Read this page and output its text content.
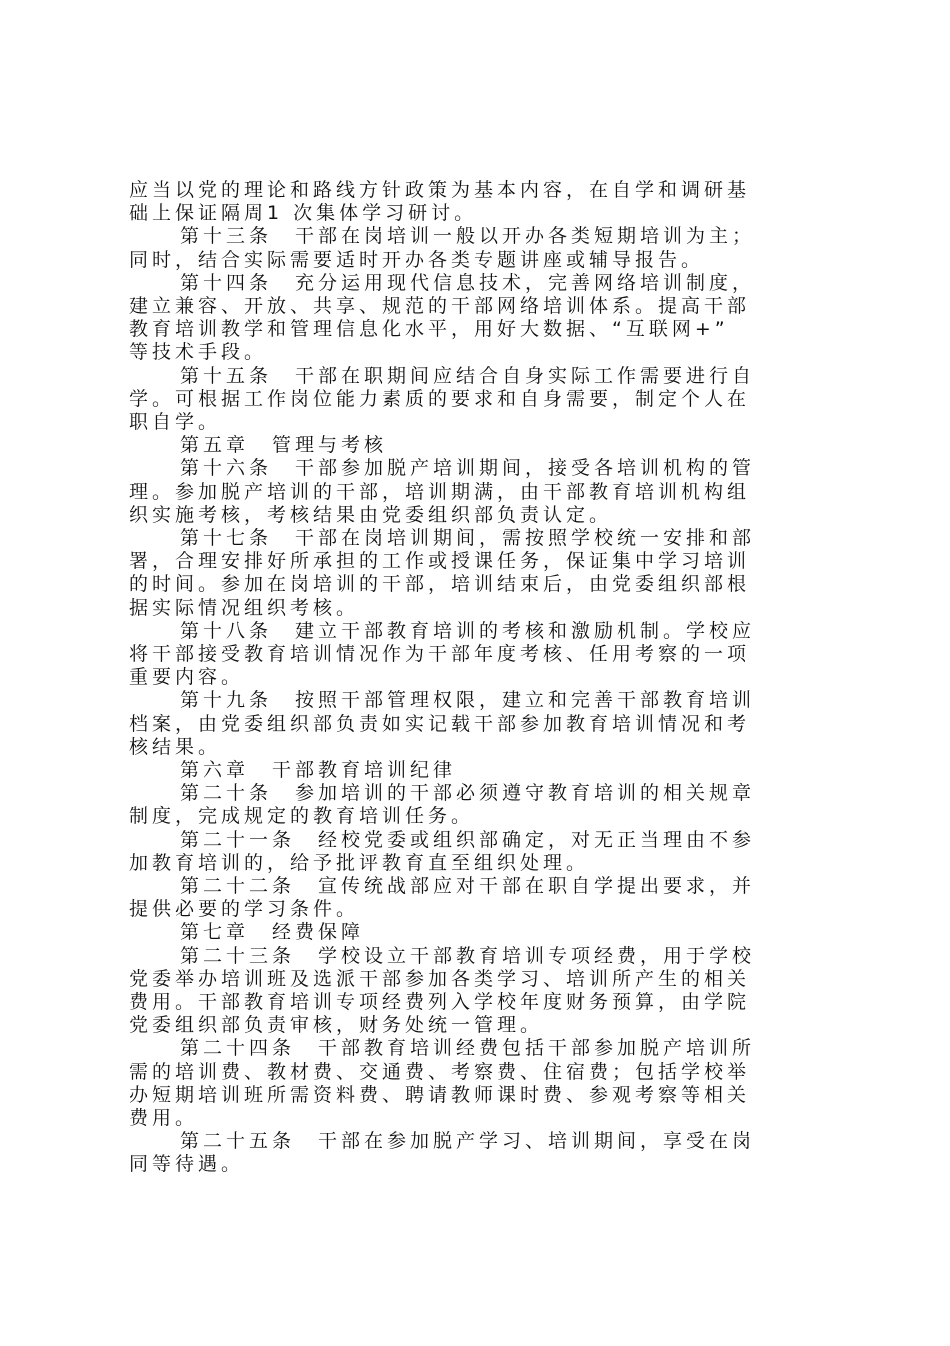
应当以党的理论和路线方针政策为基本内容，在自学和调研基
础上保证隔周1 次集体学习研讨。
第十三条　干部在岗培训一般以开办各类短期培训为主；
同时，结合实际需要适时开办各类专题讲座或辅导报告。
第十四条　充分运用现代信息技术，完善网络培训制度，
建立兼容、开放、共享、规范的干部网络培训体系。提高干部
教育培训教学和管理信息化水平，用好大数据、“互联网+”
等技术手段。
第十五条　干部在职期间应结合自身实际工作需要进行自
学。可根据工作岗位能力素质的要求和自身需要，制定个人在
职自学。
第五章　管理与考核
第十六条　干部参加脱产培训期间，接受各培训机构的管
理。参加脱产培训的干部，培训期满，由干部教育培训机构组
织实施考核，考核结果由党委组织部负责认定。
第十七条　干部在岗培训期间，需按照学校统一安排和部
署，合理安排好所承担的工作或授课任务，保证集中学习培训
的时间。参加在岗培训的干部，培训结束后，由党委组织部根
据实际情况组织考核。
第十八条　建立干部教育培训的考核和激励机制。学校应
将干部接受教育培训情况作为干部年度考核、任用考察的一项
重要内容。
第十九条　按照干部管理权限，建立和完善干部教育培训
档案，由党委组织部负责如实记载干部参加教育培训情况和考
核结果。
第六章　干部教育培训纪律
第二十条　参加培训的干部必须遵守教育培训的相关规章
制度，完成规定的教育培训任务。
第二十一条　经校党委或组织部确定，对无正当理由不参
加教育培训的，给予批评教育直至组织处理。
第二十二条　宣传统战部应对干部在职自学提出要求，并
提供必要的学习条件。
第七章　经费保障
第二十三条　学校设立干部教育培训专项经费，用于学校
党委举办培训班及选派干部参加各类学习、培训所产生的相关
费用。干部教育培训专项经费列入学校年度财务预算，由学院
党委组织部负责审核，财务处统一管理。
第二十四条　干部教育培训经费包括干部参加脱产培训所
需的培训费、教材费、交通费、考察费、住宿费；包括学校举
办短期培训班所需资料费、聘请教师课时费、参观考察等相关
费用。
第二十五条　干部在参加脱产学习、培训期间，享受在岗
同等待遇。
